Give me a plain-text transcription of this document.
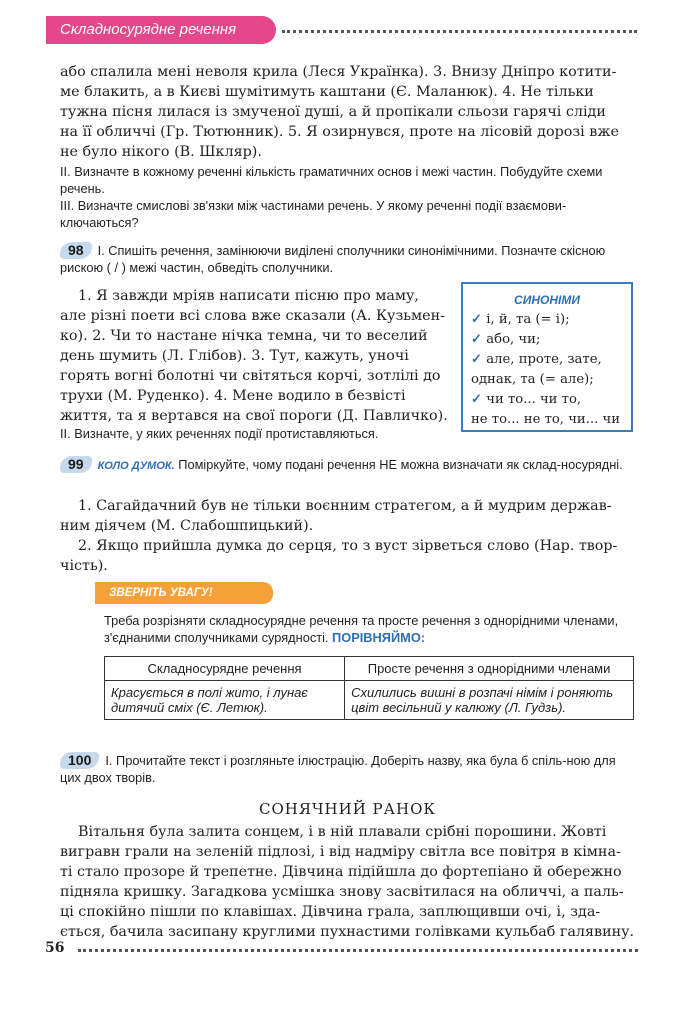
Складносурядне речення
або спалила мені неволя крила (Леся Українка). 3. Внизу Дніпро котити-
ме блакить, а в Києві шумітимуть каштани (Є. Маланюк). 4. Не тільки
тужна пісня лилася із змученої душі, а й пропікали сльози гарячі сліди
на її обличчі (Гр. Тютюнник). 5. Я озирнувся, проте на лісовій дорозі вже
не було нікого (В. Шкляр).
II. Визначте в кожному реченні кількість граматичних основ і межі частин. Побудуйте схеми речень.
III. Визначте смислові зв'язки між частинами речень. У якому реченні події взаємови-ключаються?
98 I. Спишіть речення, замінюючи виділені сполучники синонімічними. Позначте скісною рискою ( / ) межі частин, обведіть сполучники.
1. Я завжди мріяв написати пісню про маму,
але різні поети всі слова вже сказали (А. Кузьмен-
ко). 2. Чи то настане нічка темна, чи то веселий
день шумить (Л. Глібов). 3. Тут, кажуть, уночі
горять вогні болотні чи світяться корчі, зотлілі до
трухи (М. Руденко). 4. Мене водило в безвісті
життя, та я вертався на свої пороги (Д. Павличко).
СИНОНІМИ
✓ і, й, та (= і);
✓ або, чи;
✓ але, проте, зате,
однак, та (= але);
✓ чи то... чи то,
не то... не то, чи... чи
II. Визначте, у яких реченнях події протиставляються.
99 КОЛО ДУМОК. Поміркуйте, чому подані речення НЕ можна визначати як склад-носурядні.
1. Сагайдачний був не тільки воєнним стратегом, а й мудрим держав-
ним діячем (М. Слабошпицький).
2. Якщо прийшла думка до серця, то з вуст зірветься слово (Нар. твор-
чість).
ЗВЕРНІТЬ УВАГУ!
Треба розрізняти складносурядне речення та просте речення з однорідними членами, з'єднаними сполучниками сурядності. ПОРІВНЯЙМО:
Складносурядне речення	Просте речення з однорідними членами
Красується в полі жито, і лунає дитячий сміх (Є. Летюк).	Схилились вишні в розпачі німім і роняють цвіт весільний у калюжу (Л. Гудзь).
100 I. Прочитайте текст і розгляньте ілюстрацію. Доберіть назву, яка була б спіль-ною для цих двох творів.
СОНЯЧНИЙ РАНОК
Вітальня була залита сонцем, і в ній плавали срібні порошини. Жовті
вигравн грали на зеленій підлозі, і від надміру світла все повітря в кімна-
ті стало прозоре й трепетне. Дівчина підійшла до фортепіано й обережно
підняла кришку. Загадкова усмішка знову засвітилася на обличчі, а паль-
ці спокійно пішли по клавішах. Дівчина грала, заплющивши очі, і, зда-
ється, бачила засипану круглими пухнастими голівками кульбаб галявину.
56
